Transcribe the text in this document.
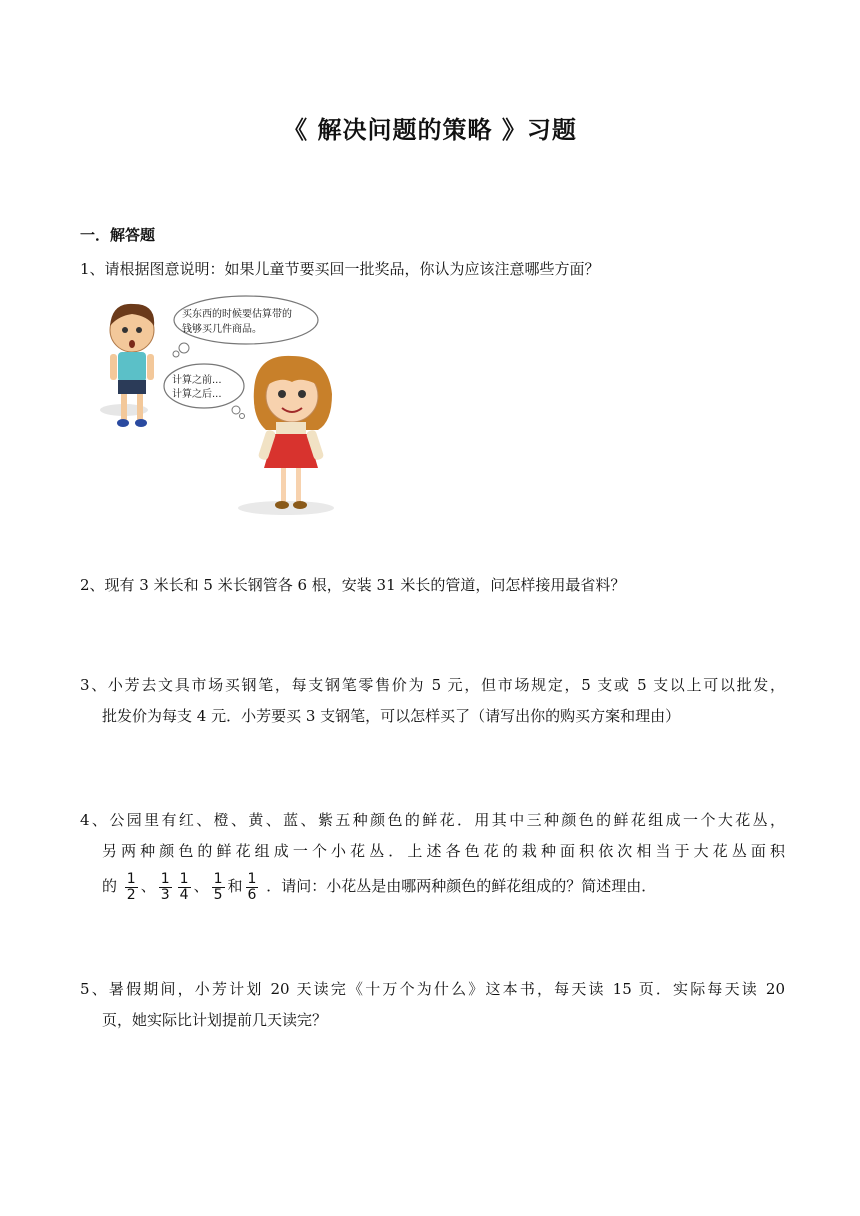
《 解决问题的策略 》习题
一．解答题

1、请根据图意说明：如果儿童节要买回一批奖品，你认为应该注意哪些方面？

买东西的时候要估算带的
钱够买几件商品。
计算之前...
计算之后...

2、现有 3 米长和 5 米长钢管各 6 根，安装 31 米长的管道，问怎样接用最省料？

3、小芳去文具市场买钢笔，每支钢笔零售价为 5 元，但市场规定，5 支或 5 支以上可以批发，

批发价为每支 4 元．小芳要买 3 支钢笔，可以怎样买了（请写出你的购买方案和理由）

4、公园里有红、橙、黄、蓝、紫五种颜色的鲜花．用其中三种颜色的鲜花组成一个大花丛，

另两种颜色的鲜花组成一个小花丛．上述各色花的栽种面积依次相当于大花丛面积

的 $\frac{1}{2}$ 、 $\frac{1}{3} \frac{1}{4}$ 、 $\frac{1}{5}$ 和 $\frac{1}{6}$ ．请问：小花丛是由哪两种颜色的鲜花组成的？简述理由．

5、暑假期间，小芳计划 20 天读完《十万个为什么》这本书，每天读 15 页．实际每天读 20

页，她实际比计划提前几天读完？
